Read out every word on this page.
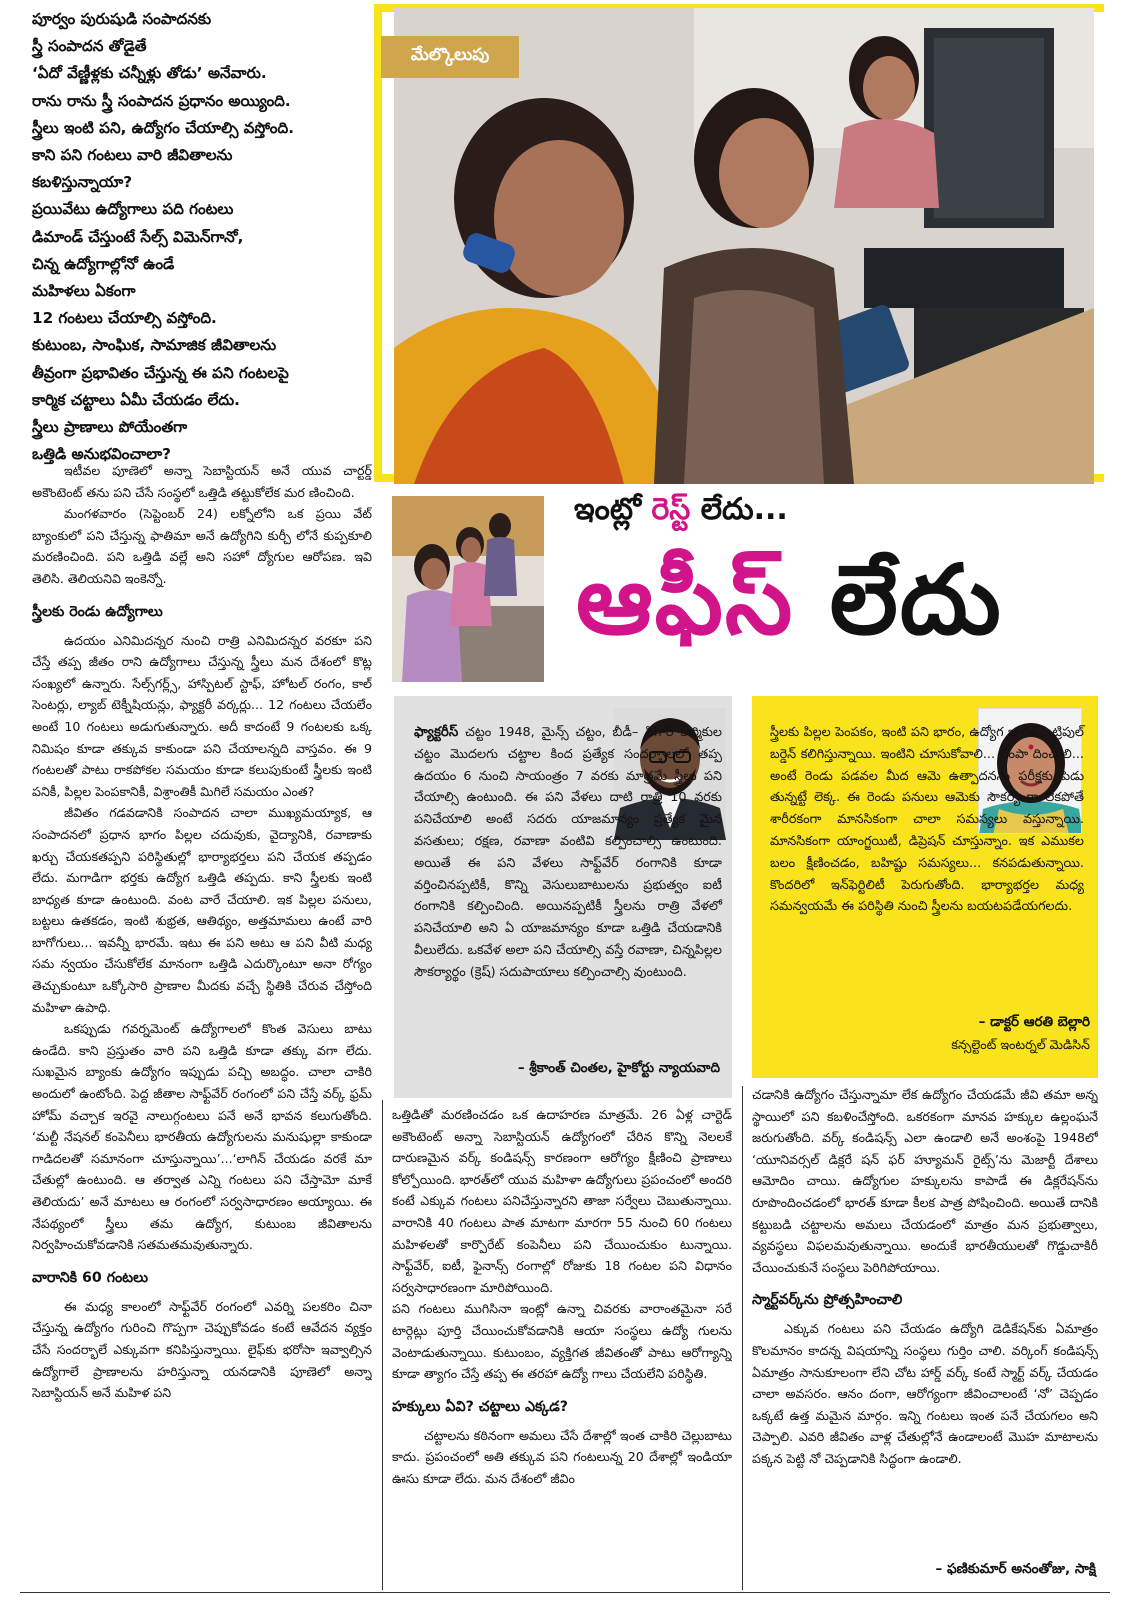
పూర్వం పురుషుడి సంపాదనకు
స్త్రీ సంపాదన తోడైతే
‘ఏదో వేణ్ణీళ్లకు చన్నీళ్లు తోడు’ అనేవారు.
రాను రాను స్త్రీ సంపాదన ప్రధానం అయ్యింది.
స్త్రీలు ఇంటి పని, ఉద్యోగం చేయాల్సి వస్తోంది.
కాని పని గంటలు వారి జీవితాలను
కబళిస్తున్నాయా?
ప్రయివేటు ఉద్యోగాలు పది గంటలు
డిమాండ్‌ చేస్తుంటే సేల్స్‌ విమెన్‌గానో,
చిన్న ఉద్యోగాల్లోనో ఉండే
మహిళలు ఏకంగా
12 గంటలు చేయాల్సి వస్తోంది.
కుటుంబ, సాంఘిక, సామాజిక జీవితాలను
తీవ్రంగా ప్రభావితం చేస్తున్న ఈ పని గంటలపై
కార్మిక చట్టాలు ఏమీ చేయడం లేదు.
స్త్రీలు ప్రాణాలు పోయేంతగా
ఒత్తిడి అనుభవించాలా?
మేల్కొలుపు
ఇంట్లో రెస్ట్‌ లేదు...
ఆఫీస్‌ లేదు
ఫ్యాక్టరీస్‌ చట్టం 1948, మైన్స్‌ చట్టం, బీడీ– సిగార్‌ కార్మికుల చట్టం మొదలగు చట్టాల కింద ప్రత్యేక సందర్భాలలో తప్ప ఉదయం 6 నుంచి సాయంత్రం 7 వరకు మాత్రమే స్త్రీలు పని చేయాల్సి ఉంటుంది. ఈ పని వేళలు దాటి రాత్రి 10 వరకు పనిచేయాలి అంటే సదరు యాజమాన్యం ప్రత్యేక మైన వసతులు; రక్షణ, రవాణా వంటివి కల్పించాల్సి ఉంటుంది. అయితే ఈ పని వేళలు సాఫ్ట్‌వేర్‌ రంగానికి కూడా వర్తించినప్పటికీ, కొన్ని వెసులుబాటులను ప్రభుత్వం ఐటీ రంగానికి కల్పించింది. అయినప్పటికీ స్త్రీలను రాత్రి వేళలో పనిచేయాలి అని ఏ యాజమాన్యం కూడా ఒత్తిడి చేయడానికి వీలులేదు. ఒకవేళ అలా పని చేయాల్సి వస్తే రవాణా, చిన్నపిల్లల సౌకర్యార్థం (క్రెష్‌) సదుపాయాలు కల్పించాల్సి వుంటుంది.
– శ్రీకాంత్‌ చింతల, హైకోర్టు న్యాయవాది
స్త్రీలకు పిల్లల పెంపకం, ఇంటి పని భారం, ఉద్యోగ భారం... ట్రిపుల్‌ బర్డెన్‌ కలిగిస్తున్నాయి. ఇంటిని చూసుకోవాలి... సంపా దించాలి... అంటే రెండు పడవల మీద ఆమె ఉత్పాదనను పరీక్షకు పెడు తున్నట్టే లెక్క. ఈ రెండు పనులు ఆమెకు సౌకర్యంగా లేకపోతే శారీరకంగా మానసికంగా చాలా సమస్యలు వస్తున్నాయి. మానసికంగా యాంగ్జయిటీ, డిప్రెషన్‌ చూస్తున్నాం. ఇక ఎముకల బలం క్షీణించడం, బహిష్టు సమస్యలు... కనపడుతున్నాయి. కొందరిలో ఇన్‌ఫెర్టిలిటీ పెరుగుతోంది. భార్యాభర్తల మధ్య సమన్వయమే ఈ పరిస్థితి నుంచి స్త్రీలను బయటపడేయగలదు.
– డాక్టర్‌ ఆరతి బెల్లారి
కన్సల్టెంట్‌ ఇంటర్నల్‌ మెడిసిన్‌

ఇటీవల పూణెలో అన్నా సెబాస్టియన్‌ అనే యువ చార్టర్డ్‌ అకౌంటెంట్‌ తను పని చేసే సంస్థలో ఒత్తిడి తట్టుకోలేక మర ణించింది.

మంగళవారం (సెప్టెంబర్‌ 24) లక్నోలోని ఒక ప్రయి వేట్‌ బ్యాంకులో పని చేస్తున్న ఫాతిమా అనే ఉద్యోగిని కుర్చీ లోనే కుప్పకూలి మరణించింది. పని ఒత్తిడి వల్లే అని సహో ద్యోగుల ఆరోపణ. ఇవి తెలిసి. తెలియనివి ఇంకెన్నో.

స్త్రీలకు రెండు ఉద్యోగాలు

ఉదయం ఎనిమిదన్నర నుంచి రాత్రి ఎనిమిదన్నర వరకూ పని చేస్తే తప్ప జీతం రాని ఉద్యోగాలు చేస్తున్న స్త్రీలు మన దేశంలో కొట్ల సంఖ్యలో ఉన్నారు. సేల్స్‌గర్ల్స్‌, హాస్పిటల్‌ స్టాఫ్‌, హోటల్‌ రంగం, కాల్‌ సెంటర్లు, ల్యాబ్‌ టెక్నీషియన్లు, ఫ్యాక్టరీ వర్కర్లు... 12 గంటలు చేయలేం అంటే 10 గంటలు అడుగుతున్నారు. అదీ కాదంటే 9 గంటలకు ఒక్క నిమిషం కూడా తక్కువ కాకుండా పని చేయాలన్నది వాస్తవం. ఈ 9 గంటలతో పాటు రాకపోకల సమయం కూడా కలుపుకుంటే స్త్రీలకు ఇంటి పనికీ, పిల్లల పెంపకానికీ, విశ్రాంతికీ మిగిలే సమయం ఎంత?

జీవితం గడవడానికి సంపాదన చాలా ముఖ్యమయ్యాక, ఆ సంపాదనలో ప్రధాన భాగం పిల్లల చదువుకు, వైద్యానికి, రవాణాకు ఖర్చు చేయకతప్పని పరిస్థితుల్లో భార్యాభర్తలు పని చేయక తప్పడం లేదు. మగాడిగా భర్తకు ఉద్యోగ ఒత్తిడి తప్పదు. కాని స్త్రీలకు ఇంటి బాధ్యత కూడా ఉంటుంది. వంట వారే చేయాలి. ఇక పిల్లల పనులు, బట్టలు ఉతకడం, ఇంటి శుభ్రత, ఆతిథ్యం, అత్తమామలు ఉంటే వారి బాగోగులు... ఇవన్నీ భారమే. ఇటు ఈ పని అటు ఆ పని వీటి మధ్య సమ న్వయం చేసుకోలేక మానంగా ఒత్తిడి ఎదుర్కొంటూ అనా రోగ్యం తెచ్చుకుంటూ ఒక్కోసారి ప్రాణాల మీదకు వచ్చే స్థితికి చేరువ చేస్తోంది మహిళా ఉపాధి.

ఒకప్పుడు గవర్నమెంట్‌ ఉద్యోగాలలో కొంత వెసులు బాటు ఉండేది. కాని ప్రస్తుతం వారి పని ఒత్తిడి కూడా తక్కు వగా లేదు. సుఖమైన బ్యాంకు ఉద్యోగం ఇప్పుడు పచ్చి అబద్ధం. చాలా చాకిరి అందులో ఉంటోంది. పెద్ద జీతాల సాఫ్ట్‌వేర్‌ రంగంలో పని చేస్తే వర్క్‌ ఫ్రమ్‌ హోమ్‌ వచ్చాక ఇరవై నాలుగ్గంటలు పనే అనే భావన కలుగుతోంది. ‘మల్టీ నేషనల్‌ కంపెనీలు భారతీయ ఉద్యోగులను మనుషుల్లా కాకుండా గాడిదలతో సమానంగా చూస్తున్నాయి’...‘లాగిన్‌ చేయడం వరకే మా చేతుల్లో ఉంటుంది. ఆ తర్వాత ఎన్ని గంటలు పని చేస్తామో మాకే తెలియదు’ అనే మాటలు ఆ రంగంలో సర్వసాధారణం అయ్యాయి. ఈ నేపథ్యంలో స్త్రీలు తమ ఉద్యోగ, కుటుంబ జీవితాలను నిర్వహించుకోవడానికి సతమతమవుతున్నారు.

వారానికి 60 గంటలు

ఈ మధ్య కాలంలో సాఫ్ట్‌వేర్‌ రంగంలో ఎవర్ని పలకరిం చినా చేస్తున్న ఉద్యోగం గురించి గొప్పగా చెప్పుకోవడం కంటే ఆవేదన వ్యక్తం చేసే సందర్భాలే ఎక్కువగా కనిపిస్తున్నాయి. లైఫ్‌కు భరోసా ఇవ్వాల్సిన ఉద్యోగాలే ప్రాణాలను హరిస్తున్నా యనడానికి పూణెలో అన్నా సెబాస్టియన్‌ అనే మహిళ పని

ఒత్తిడితో మరణించడం ఒక ఉదాహరణ మాత్రమే. 26 ఏళ్ల చార్టెడ్‌ అకౌంటెంట్‌ అన్నా సెబాస్టియన్‌ ఉద్యోగంలో చేరిన కొన్ని నెలలకే దారుణమైన వర్క్‌ కండిషన్స్‌ కారణంగా ఆరోగ్యం క్షీణించి ప్రాణాలు కోల్పోయింది. భారత్‌లో యువ మహిళా ఉద్యోగులు ప్రపంచంలో అందరి కంటే ఎక్కువ గంటలు పనిచేస్తున్నారని తాజా సర్వేలు చెబుతున్నాయి. వారానికి 40 గంటలు పాత మాటగా మారగా 55 నుంచి 60 గంటలు మహిళలతో కార్పొరేట్‌ కంపెనీలు పని చేయించుకుం టున్నాయి. సాఫ్ట్‌వేర్‌, ఐటీ, ఫైనాన్స్‌ రంగాల్లో రోజుకు 18 గంటల పని విధానం సర్వసాధారణంగా మారిపోయింది.

పని గంటలు ముగిసినా ఇంట్లో ఉన్నా చివరకు వారాంతమైనా సరే టార్గెట్లు పూర్తి చేయించుకోవడానికి ఆయా సంస్థలు ఉద్యో గులను వెంటాడుతున్నాయి. కుటుంబం, వ్యక్తిగత జీవితంతో పాటు ఆరోగ్యాన్ని కూడా త్యాగం చేస్తే తప్ప ఈ తరహా ఉద్యో గాలు చేయలేని పరిస్థితి.

హక్కులు ఏవి? చట్టాలు ఎక్కడ?

చట్టాలను కఠినంగా అమలు చేసే దేశాల్లో ఇంత చాకిరి చెల్లుబాటు కాదు. ప్రపంచంలో అతి తక్కువ పని గంటలున్న 20 దేశాల్లో ఇండియా ఊసు కూడా లేదు. మన దేశంలో జీవిం

చడానికి ఉద్యోగం చేస్తున్నామా లేక ఉద్యోగం చేయడమే జీవి తమా అన్న స్థాయిలో పని కబళించేస్తోంది. ఒకరకంగా మానవ హక్కుల ఉల్లంఘనే జరుగుతోంది. వర్క్‌ కండిషన్స్‌ ఎలా ఉండాలి అనే అంశంపై 1948లో ‘యూనివర్సల్‌ డిక్లరే షన్‌ ఫర్‌ హ్యూమన్‌ రైట్స్‌’ను మెజార్టీ దేశాలు ఆమోదిం చాయి. ఉద్యోగుల హక్కులను కాపాడే ఈ డిక్లరేషన్‌ను రూపొందించడంలో భారత్‌ కూడా కీలక పాత్ర పోషించింది. అయితే దానికి కట్టుబడి చట్టాలను అమలు చేయడంలో మాత్రం మన ప్రభుత్వాలు, వ్యవస్థలు విఫలమవుతున్నాయి. అందుకే భారతీయులతో గొడ్డుచాకిరీ చేయించుకునే సంస్థలు పెరిగిపోయాయి.

స్మార్ట్‌వర్క్‌ను ప్రోత్సహించాలి

ఎక్కువ గంటలు పని చేయడం ఉద్యోగి డెడికేషన్‌కు ఏమాత్రం కొలమానం కాదన్న విషయాన్ని సంస్థలు గుర్తిం చాలి. వర్కింగ్‌ కండిషన్స్‌ ఏమాత్రం సానుకూలంగా లేని చోట హార్డ్‌ వర్క్‌ కంటే స్మార్ట్‌ వర్క్‌ చేయడం చాలా అవసరం. ఆనం దంగా, ఆరోగ్యంగా జీవించాలంటే ‘నో’ చెప్పడం ఒక్కటే ఉత్త మమైన మార్గం. ఇన్ని గంటలు ఇంత పనే చేయగలం అని చెప్పాలి. ఎవరి జీవితం వాళ్ల చేతుల్లోనే ఉండాలంటే మొహ మాటాలను పక్కన పెట్టి నో చెప్పడానికి సిద్ధంగా ఉండాలి.

– ఫణికుమార్‌ అనంతోజు, సాక్షి
